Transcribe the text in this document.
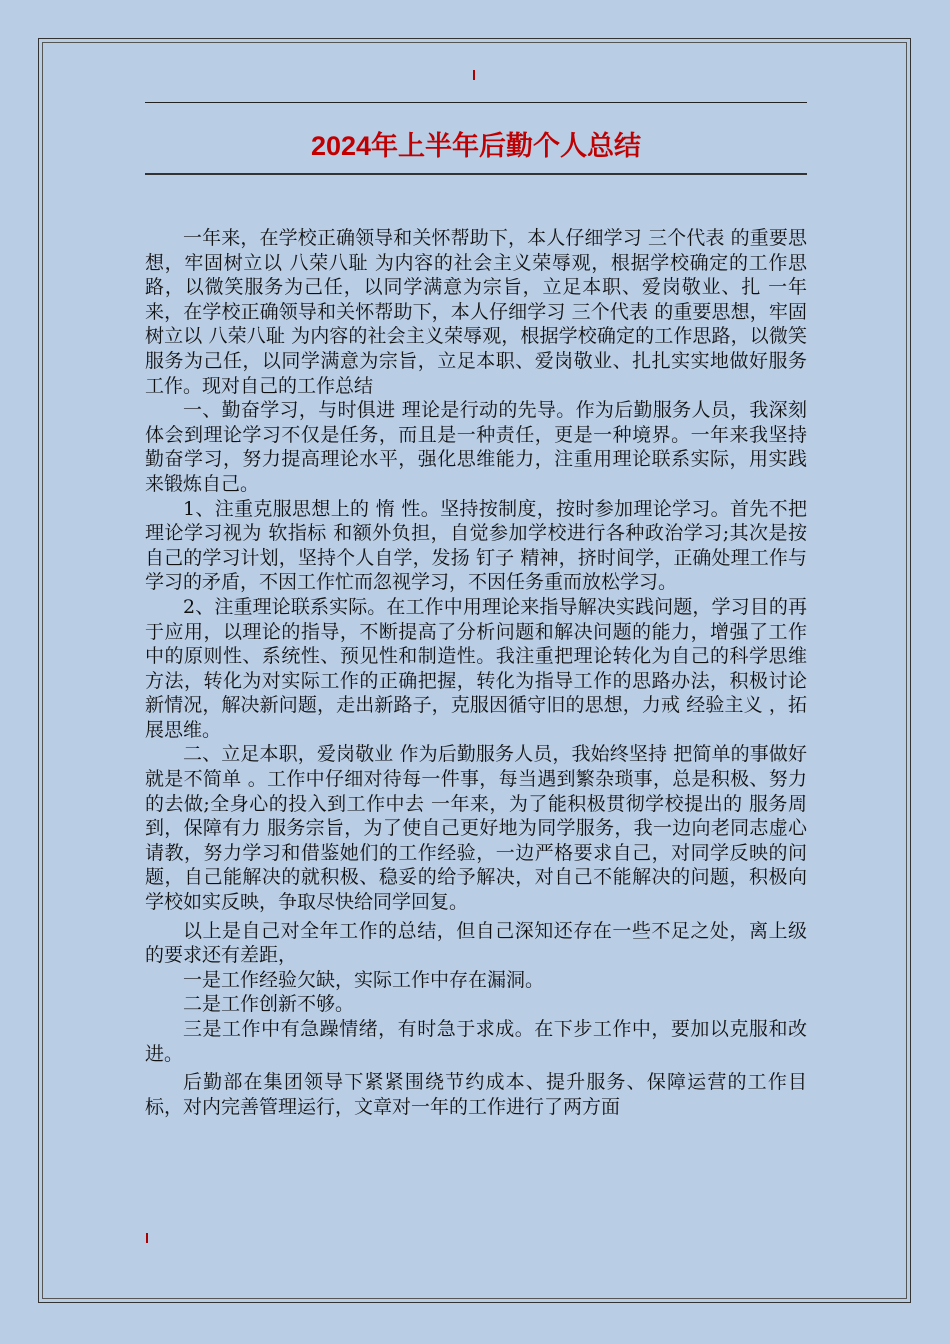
2024年上半年后勤个人总结

一年来，在学校正确领导和关怀帮助下，本人仔细学习 三个代表 的重要思想，牢固树立以 八荣八耻 为内容的社会主义荣辱观，根据学校确定的工作思路，以微笑服务为己任，以同学满意为宗旨，立足本职、爱岗敬业、扎 一年来，在学校正确领导和关怀帮助下，本人仔细学习 三个代表 的重要思想，牢固树立以 八荣八耻 为内容的社会主义荣辱观，根据学校确定的工作思路，以微笑服务为己任，以同学满意为宗旨，立足本职、爱岗敬业、扎扎实实地做好服务工作。现对自己的工作总结

一、勤奋学习，与时俱进 理论是行动的先导。作为后勤服务人员，我深刻体会到理论学习不仅是任务，而且是一种责任，更是一种境界。一年来我坚持勤奋学习，努力提高理论水平，强化思维能力，注重用理论联系实际，用实践来锻炼自己。

1、注重克服思想上的 惰 性。坚持按制度，按时参加理论学习。首先不把理论学习视为 软指标 和额外负担，自觉参加学校进行各种政治学习;其次是按自己的学习计划，坚持个人自学，发扬 钉子 精神，挤时间学，正确处理工作与学习的矛盾，不因工作忙而忽视学习，不因任务重而放松学习。

2、注重理论联系实际。在工作中用理论来指导解决实践问题，学习目的再于应用，以理论的指导，不断提高了分析问题和解决问题的能力，增强了工作中的原则性、系统性、预见性和制造性。我注重把理论转化为自己的科学思维方法，转化为对实际工作的正确把握，转化为指导工作的思路办法，积极讨论新情况，解决新问题，走出新路子，克服因循守旧的思想，力戒 经验主义 ，拓展思维。

二、立足本职，爱岗敬业 作为后勤服务人员，我始终坚持 把简单的事做好就是不简单 。工作中仔细对待每一件事，每当遇到繁杂琐事，总是积极、努力的去做;全身心的投入到工作中去 一年来，为了能积极贯彻学校提出的 服务周到，保障有力 服务宗旨，为了使自己更好地为同学服务，我一边向老同志虚心请教，努力学习和借鉴她们的工作经验，一边严格要求自己，对同学反映的问题，自己能解决的就积极、稳妥的给予解决，对自己不能解决的问题，积极向学校如实反映，争取尽快给同学回复。

以上是自己对全年工作的总结，但自己深知还存在一些不足之处，离上级的要求还有差距，

一是工作经验欠缺，实际工作中存在漏洞。

二是工作创新不够。

三是工作中有急躁情绪，有时急于求成。在下步工作中，要加以克服和改进。

后勤部在集团领导下紧紧围绕节约成本、提升服务、保障运营的工作目标，对内完善管理运行，文章对一年的工作进行了两方面
